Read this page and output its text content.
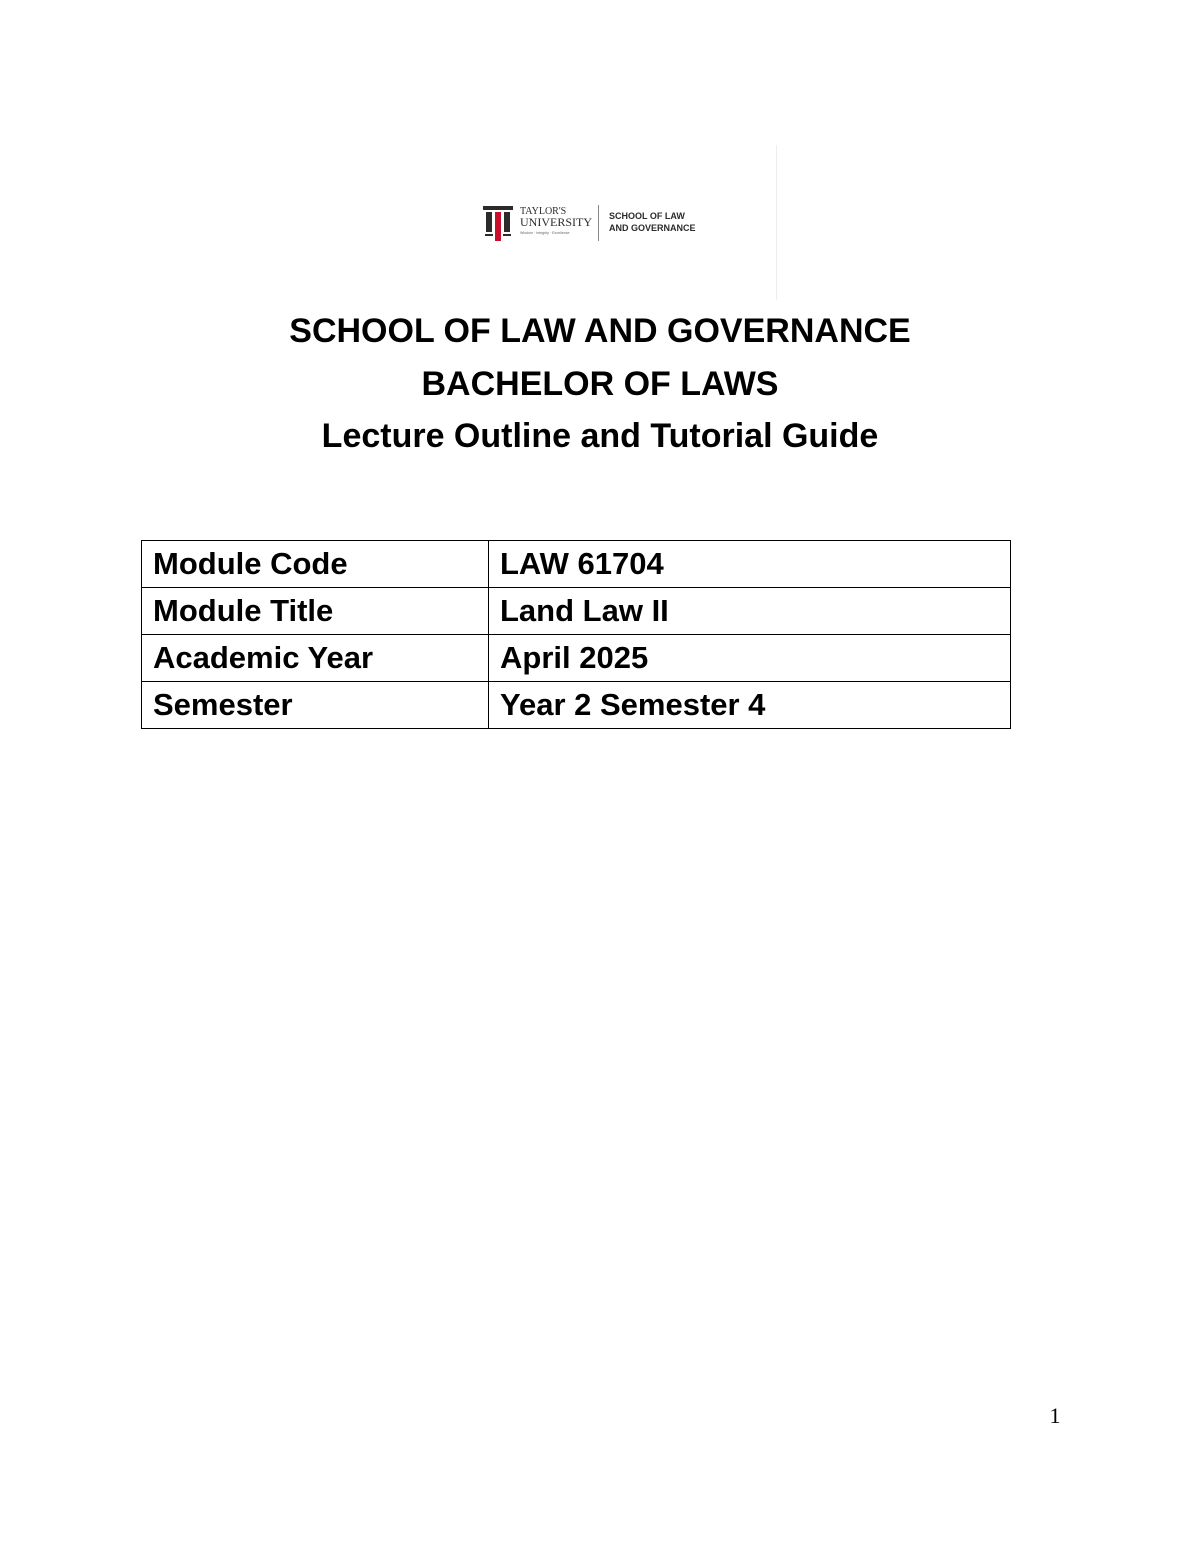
TAYLOR'S
UNIVERSITY
Wisdom · Integrity · Excellence
SCHOOL OF LAW
AND GOVERNANCE
SCHOOL OF LAW AND GOVERNANCE
BACHELOR OF LAWS
Lecture Outline and Tutorial Guide
Module Code	LAW 61704
Module Title	Land Law II
Academic Year	April 2025
Semester	Year 2 Semester 4
1
